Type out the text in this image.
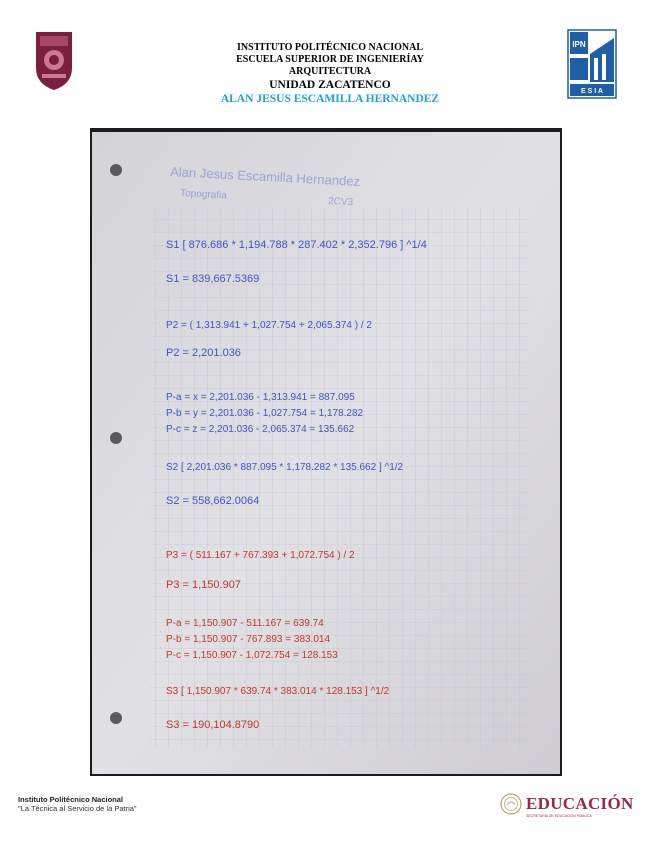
INSTITUTO POLITÉCNICO NACIONAL
ESCUELA SUPERIOR DE INGENIERÍAY
ARQUITECTURA
UNIDAD ZACATENCO
ALAN JESUS ESCAMILLA HERNANDEZ
IPN
E S I A
Alan Jesus Escamilla Hernandez
Topografia
2CV3
S1 [ 876.686 * 1,194.788 * 287.402 * 2,352.796 ] ^1/4
S1 = 839,667.5369
P2 = ( 1,313.941 + 1,027.754 + 2,065.374 ) / 2
P2 = 2,201.036
P-a = x = 2,201.036 - 1,313.941 = 887.095
P-b = y = 2,201.036 - 1,027.754 = 1,178.282
P-c = z = 2,201.036 - 2,065.374 = 135.662
S2 [ 2,201.036 * 887.095 * 1,178.282 * 135.662 ] ^1/2
S2 = 558,662.0064
P3 = ( 511.167 + 767.393 + 1,072.754 ) / 2
P3 = 1,150.907
P-a = 1,150.907 - 511.167 = 639.74
P-b = 1,150.907 - 767.893 = 383.014
P-c = 1,150.907 - 1,072.754 = 128.153
S3 [ 1,150.907 * 639.74 * 383.014 * 128.153 ] ^1/2
S3 = 190,104.8790
Instituto Politécnico Nacional
"La Técnica al Servicio de la Patria"	EDUCACIÓN
SECRETARÍA DE EDUCACIÓN PÚBLICA
